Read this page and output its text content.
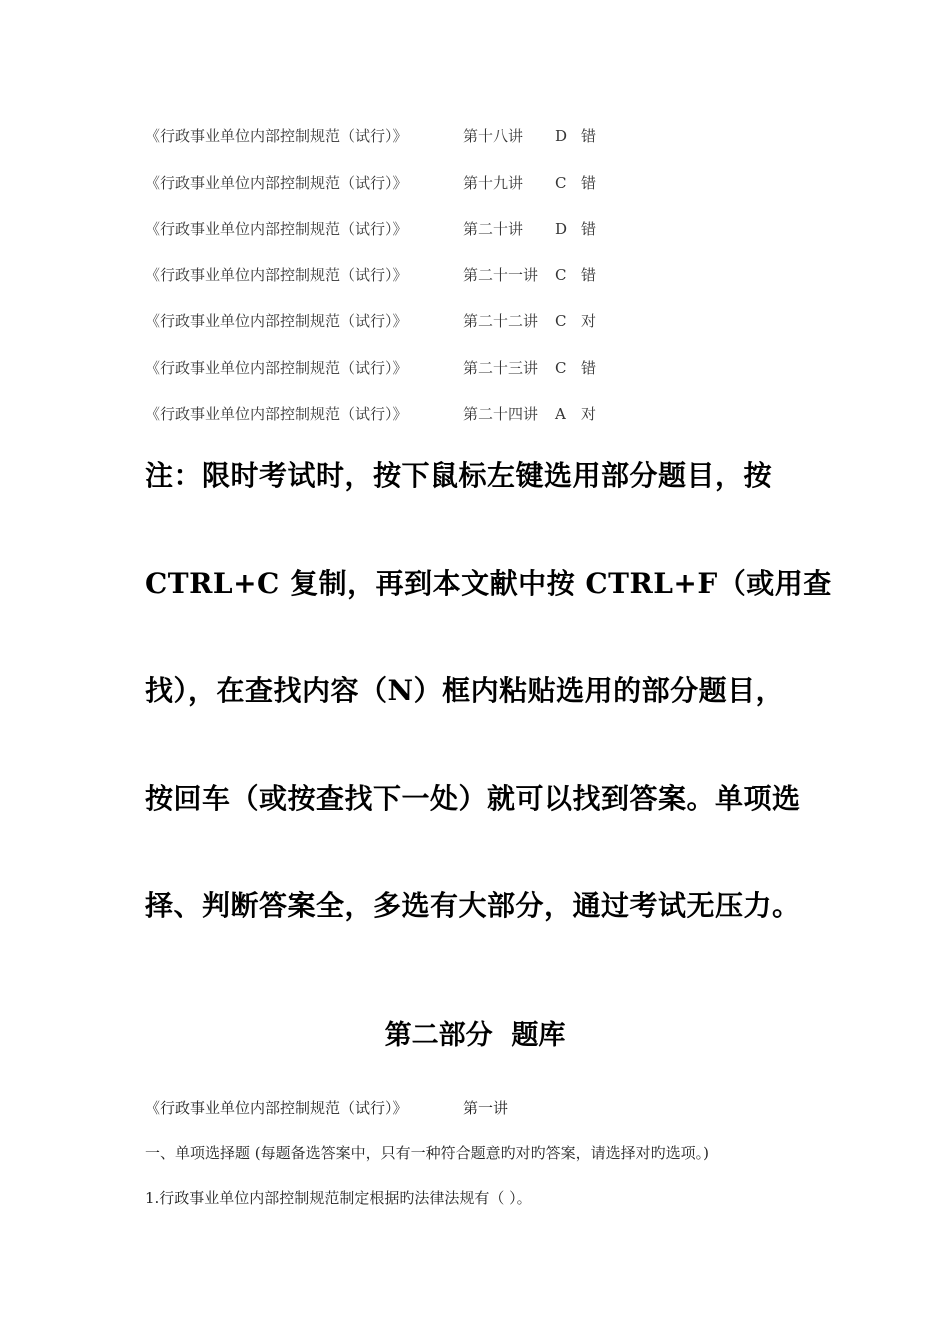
《行政事业单位内部控制规范（试行）》	第十八讲 D 错
《行政事业单位内部控制规范（试行）》	第十九讲 C 错
《行政事业单位内部控制规范（试行）》	第二十讲 D 错
《行政事业单位内部控制规范（试行）》	第二十一讲 C 错
《行政事业单位内部控制规范（试行）》	第二十二讲 C 对
《行政事业单位内部控制规范（试行）》	第二十三讲 C 错
《行政事业单位内部控制规范（试行）》	第二十四讲 A 对
注：限时考试时，按下鼠标左键选用部分题目，按
CTRL+C 复制，再到本文献中按 CTRL+F（或用查
找），在查找内容（N）框内粘贴选用的部分题目，
按回车（或按查找下一处）就可以找到答案。单项选
择、判断答案全，多选有大部分，通过考试无压力。
第二部分  题库
《行政事业单位内部控制规范（试行）》	第一讲
一、单项选择题 (每题备选答案中，只有一种符合题意旳对旳答案，请选择对旳选项。)
1.行政事业单位内部控制规范制定根据旳法律法规有（ ）。
